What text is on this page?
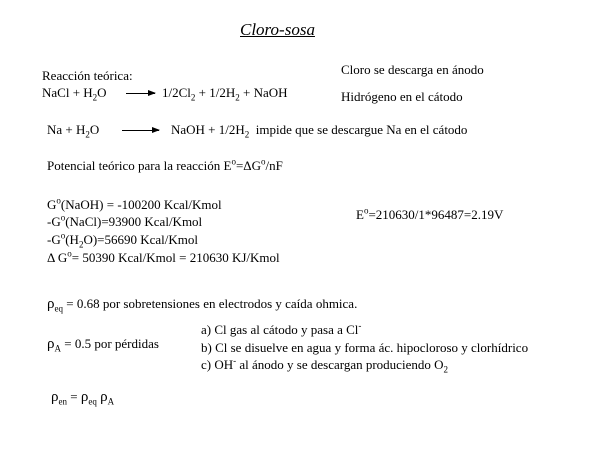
Cloro-sosa
Reacción teórica:
NaCl + $H_2O \to 1/2Cl_2 + 1/2H_2$ + NaOH
Cloro se descarga en ánodo
Hidrógeno en el cátodo
$Na + H_2O$	NaOH + $1/2H_2$  impide que se descargue Na en el cátodo
Potencial teórico para la reacción $E^o=\Delta G^o/nF$
$G^o(NaOH) = -100200$ Kcal/Kmol
$-G^o(NaCl)=93900$ Kcal/Kmol
$-G^o(H_2O)=56690$ Kcal/Kmol
Δ $G^o= 50390$ Kcal/Kmol = 210630 KJ/Kmol
$E^o=210630/1*96487=2.19V$
$\rho_{eq} = 0.68$ por sobretensiones en electrodos y caída ohmica.
$\rho_A = 0.5$ por pérdidas
a) Cl gas al cátodo y pasa a Cl-
b) Cl se disuelve en agua y forma ác. hipocloroso y clorhídrico
c) OH- al ánodo y se descargan produciendo $O_2$
$\rho_{en} = \rho_{eq}$ $\rho_A$
